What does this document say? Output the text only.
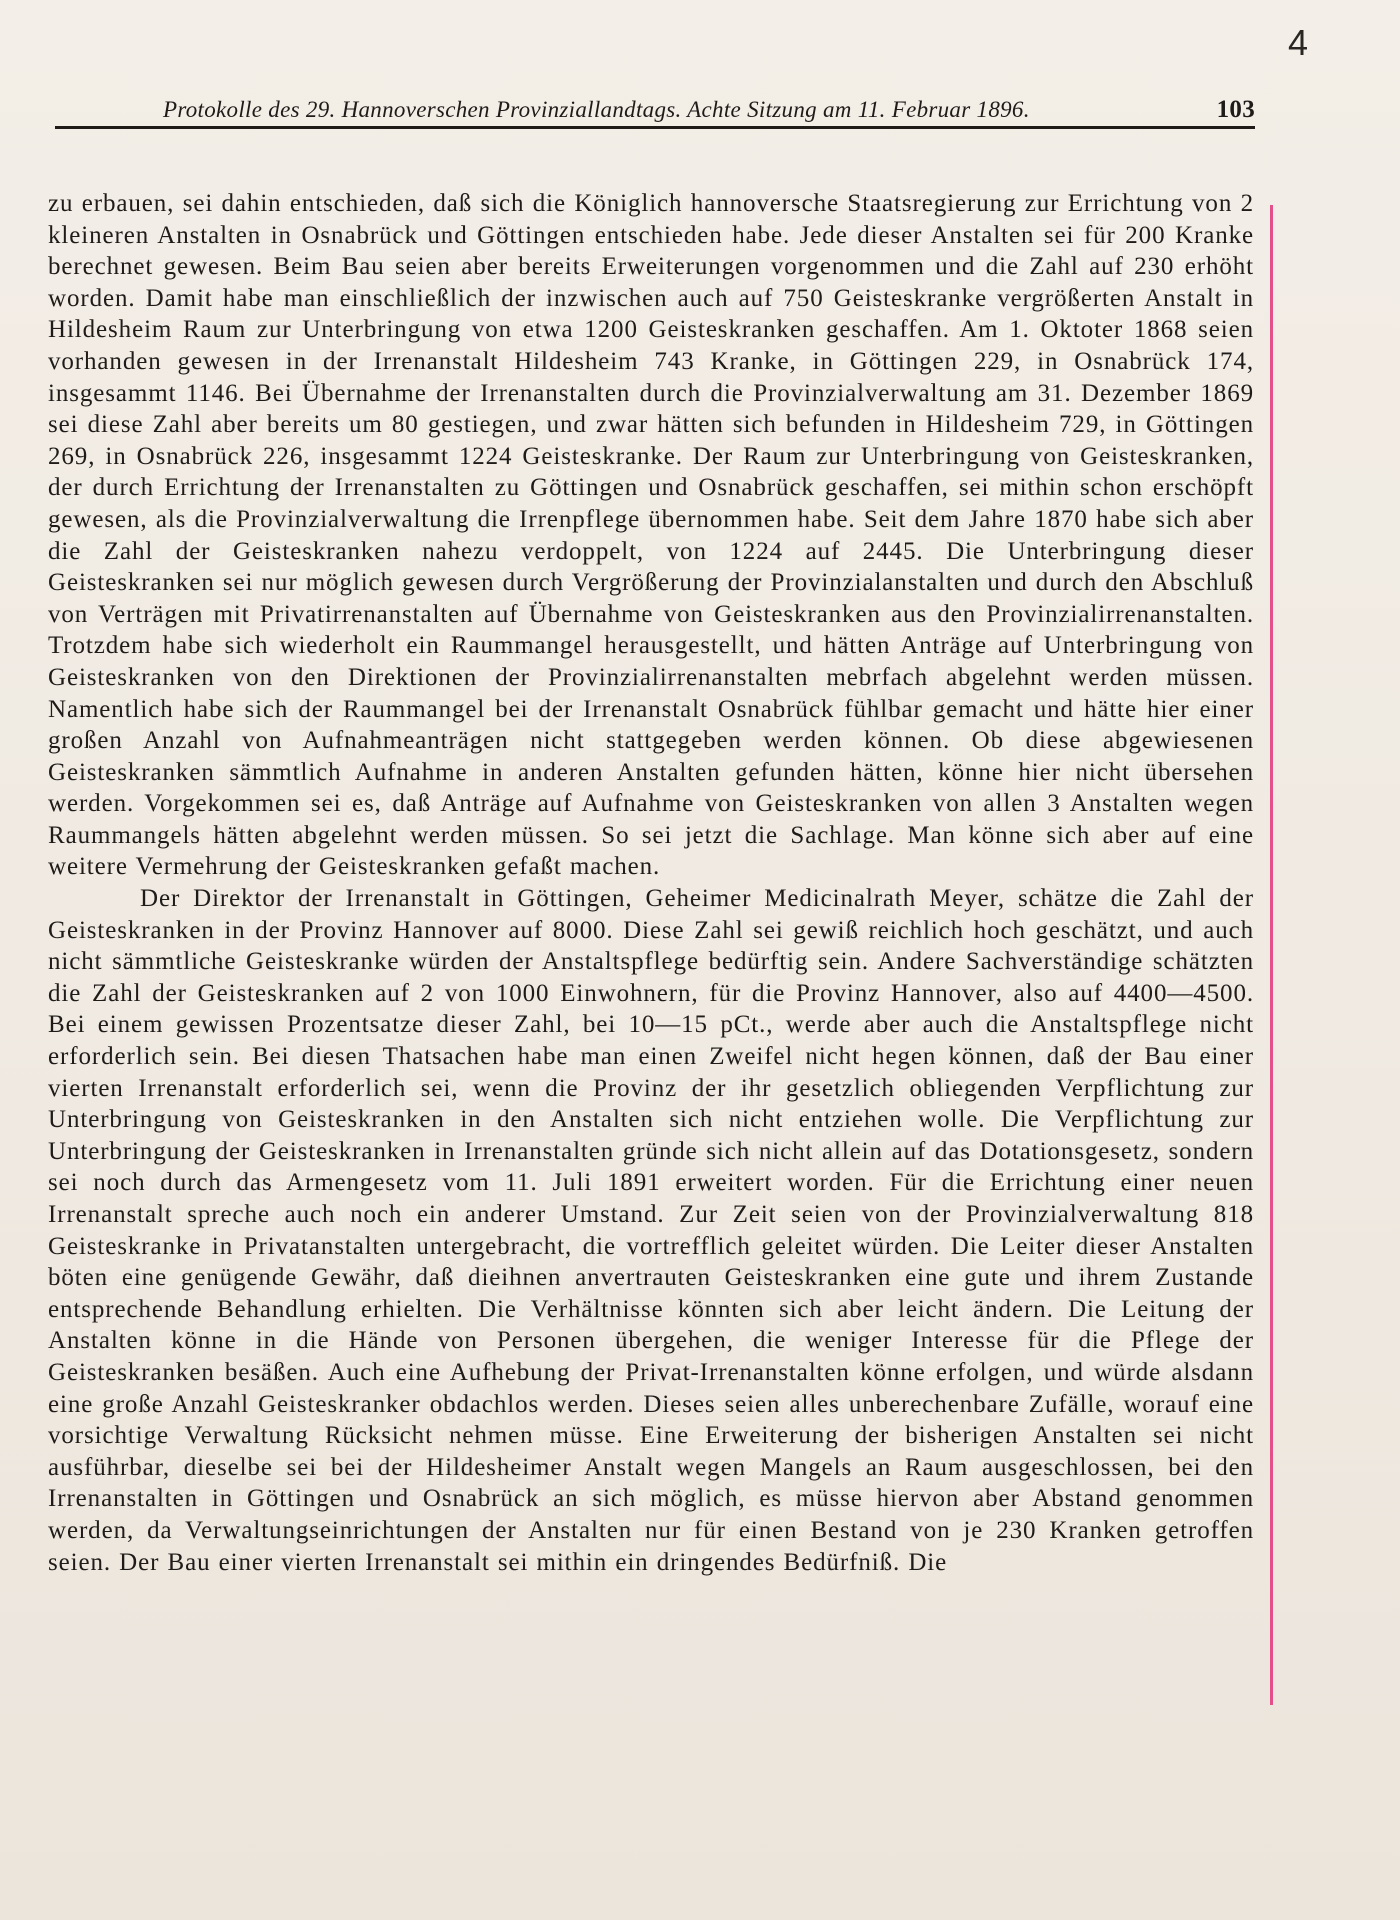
4
Protokolle des 29. Hannoverschen Provinziallandtags. Achte Sitzung am 11. Februar 1896.	103

zu erbauen, sei dahin entschieden, daß sich die Königlich hannoversche Staatsregierung zur Errichtung von 2 kleineren Anstalten in Osnabrück und Göttingen entschieden habe. Jede dieser Anstalten sei für 200 Kranke berechnet gewesen. Beim Bau seien aber bereits Erweiterungen vorgenommen und die Zahl auf 230 erhöht worden. Damit habe man einschließlich der inzwischen auch auf 750 Geisteskranke vergrößerten Anstalt in Hildesheim Raum zur Unterbringung von etwa 1200 Geisteskranken geschaffen. Am 1. Oktoter 1868 seien vorhanden gewesen in der Irrenanstalt Hildesheim 743 Kranke, in Göttingen 229, in Osnabrück 174, insgesammt 1146. Bei Übernahme der Irrenanstalten durch die Provinzialverwaltung am 31. Dezember 1869 sei diese Zahl aber bereits um 80 gestiegen, und zwar hätten sich befunden in Hildesheim 729, in Göttingen 269, in Osnabrück 226, insgesammt 1224 Geisteskranke. Der Raum zur Unterbringung von Geisteskranken, der durch Errichtung der Irrenanstalten zu Göttingen und Osnabrück geschaffen, sei mithin schon erschöpft gewesen, als die Provinzialverwaltung die Irrenpflege übernommen habe. Seit dem Jahre 1870 habe sich aber die Zahl der Geisteskranken nahezu verdoppelt, von 1224 auf 2445. Die Unterbringung dieser Geisteskranken sei nur möglich gewesen durch Vergrößerung der Provinzialanstalten und durch den Abschluß von Verträgen mit Privatirrenanstalten auf Übernahme von Geisteskranken aus den Provinzialirrenanstalten. Trotzdem habe sich wiederholt ein Raummangel herausgestellt, und hätten Anträge auf Unterbringung von Geisteskranken von den Direktionen der Provinzialirrenanstalten mebrfach abgelehnt werden müssen. Namentlich habe sich der Raummangel bei der Irrenanstalt Osnabrück fühlbar gemacht und hätte hier einer großen Anzahl von Aufnahmeanträgen nicht stattgegeben werden können. Ob diese abgewiesenen Geisteskranken sämmtlich Aufnahme in anderen Anstalten gefunden hätten, könne hier nicht übersehen werden. Vorgekommen sei es, daß Anträge auf Aufnahme von Geisteskranken von allen 3 Anstalten wegen Raummangels hätten abgelehnt werden müssen. So sei jetzt die Sachlage. Man könne sich aber auf eine weitere Vermehrung der Geisteskranken gefaßt machen.

Der Direktor der Irrenanstalt in Göttingen, Geheimer Medicinalrath Meyer, schätze die Zahl der Geisteskranken in der Provinz Hannover auf 8000. Diese Zahl sei gewiß reichlich hoch geschätzt, und auch nicht sämmtliche Geisteskranke würden der Anstaltspflege bedürftig sein. Andere Sachverständige schätzten die Zahl der Geisteskranken auf 2 von 1000 Einwohnern, für die Provinz Hannover, also auf 4400—4500. Bei einem gewissen Prozentsatze dieser Zahl, bei 10—15 pCt., werde aber auch die Anstaltspflege nicht erforderlich sein. Bei diesen Thatsachen habe man einen Zweifel nicht hegen können, daß der Bau einer vierten Irrenanstalt erforderlich sei, wenn die Provinz der ihr gesetzlich obliegenden Verpflichtung zur Unterbringung von Geisteskranken in den Anstalten sich nicht entziehen wolle. Die Verpflichtung zur Unterbringung der Geisteskranken in Irrenanstalten gründe sich nicht allein auf das Dotationsgesetz, sondern sei noch durch das Armengesetz vom 11. Juli 1891 erweitert worden. Für die Errichtung einer neuen Irrenanstalt spreche auch noch ein anderer Umstand. Zur Zeit seien von der Provinzialverwaltung 818 Geisteskranke in Privatanstalten untergebracht, die vortrefflich geleitet würden. Die Leiter dieser Anstalten böten eine genügende Gewähr, daß dieihnen anvertrauten Geisteskranken eine gute und ihrem Zustande entsprechende Behandlung erhielten. Die Verhältnisse könnten sich aber leicht ändern. Die Leitung der Anstalten könne in die Hände von Personen übergehen, die weniger Interesse für die Pflege der Geisteskranken besäßen. Auch eine Aufhebung der Privat-Irrenanstalten könne erfolgen, und würde alsdann eine große Anzahl Geisteskranker obdachlos werden. Dieses seien alles unberechenbare Zufälle, worauf eine vorsichtige Verwaltung Rücksicht nehmen müsse. Eine Erweiterung der bisherigen Anstalten sei nicht ausführbar, dieselbe sei bei der Hildesheimer Anstalt wegen Mangels an Raum ausgeschlossen, bei den Irrenanstalten in Göttingen und Osnabrück an sich möglich, es müsse hiervon aber Abstand genommen werden, da Verwaltungseinrichtungen der Anstalten nur für einen Bestand von je 230 Kranken getroffen seien. Der Bau einer vierten Irrenanstalt sei mithin ein dringendes Bedürfniß. Die
